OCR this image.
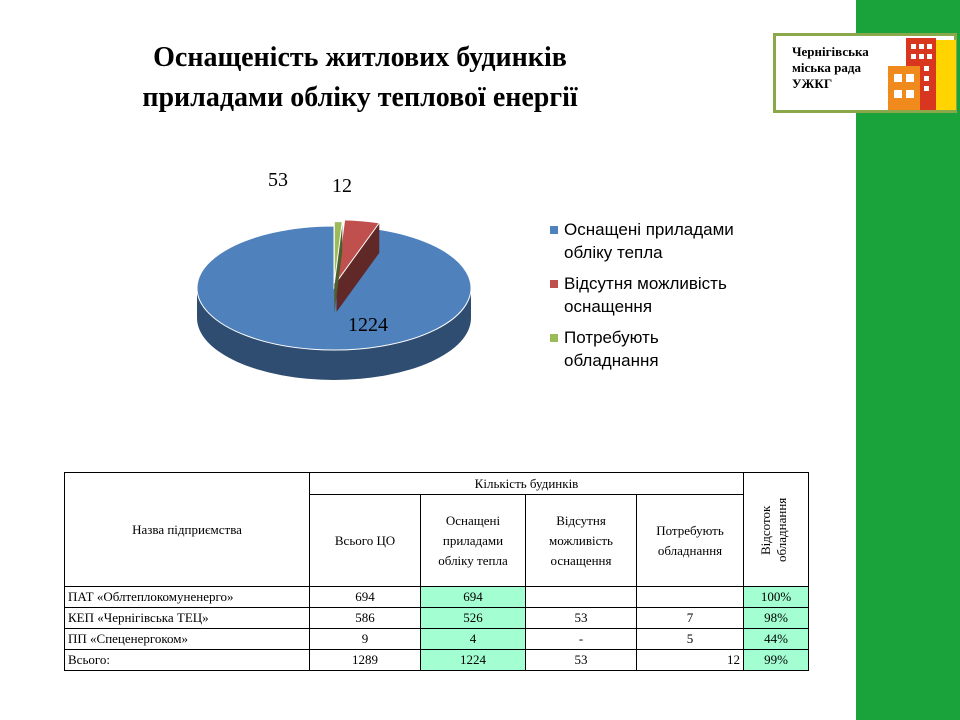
Чернігівська
міська рада
УЖКГ
Оснащеність житлових будинків
приладами обліку теплової енергії
1224
53 12
Оснащені приладами
обліку тепла
Відсутня можливість
оснащення
Потребують
обладнання
Назва підприємства	Кількість будинків				Відсоток обладнання

	Всього ЦО	Оснащені приладами обліку тепла	Відсутня можливість оснащення	Потребують обладнання	
ПАТ «Облтеплокомуненерго»	694	694			100%
КЕП «Чернігівська ТЕЦ»	586	526	53	7	98%
ПП «Спеценергоком»	9	4	-	5	44%
Всього:	1289	1224	53	12	99%
